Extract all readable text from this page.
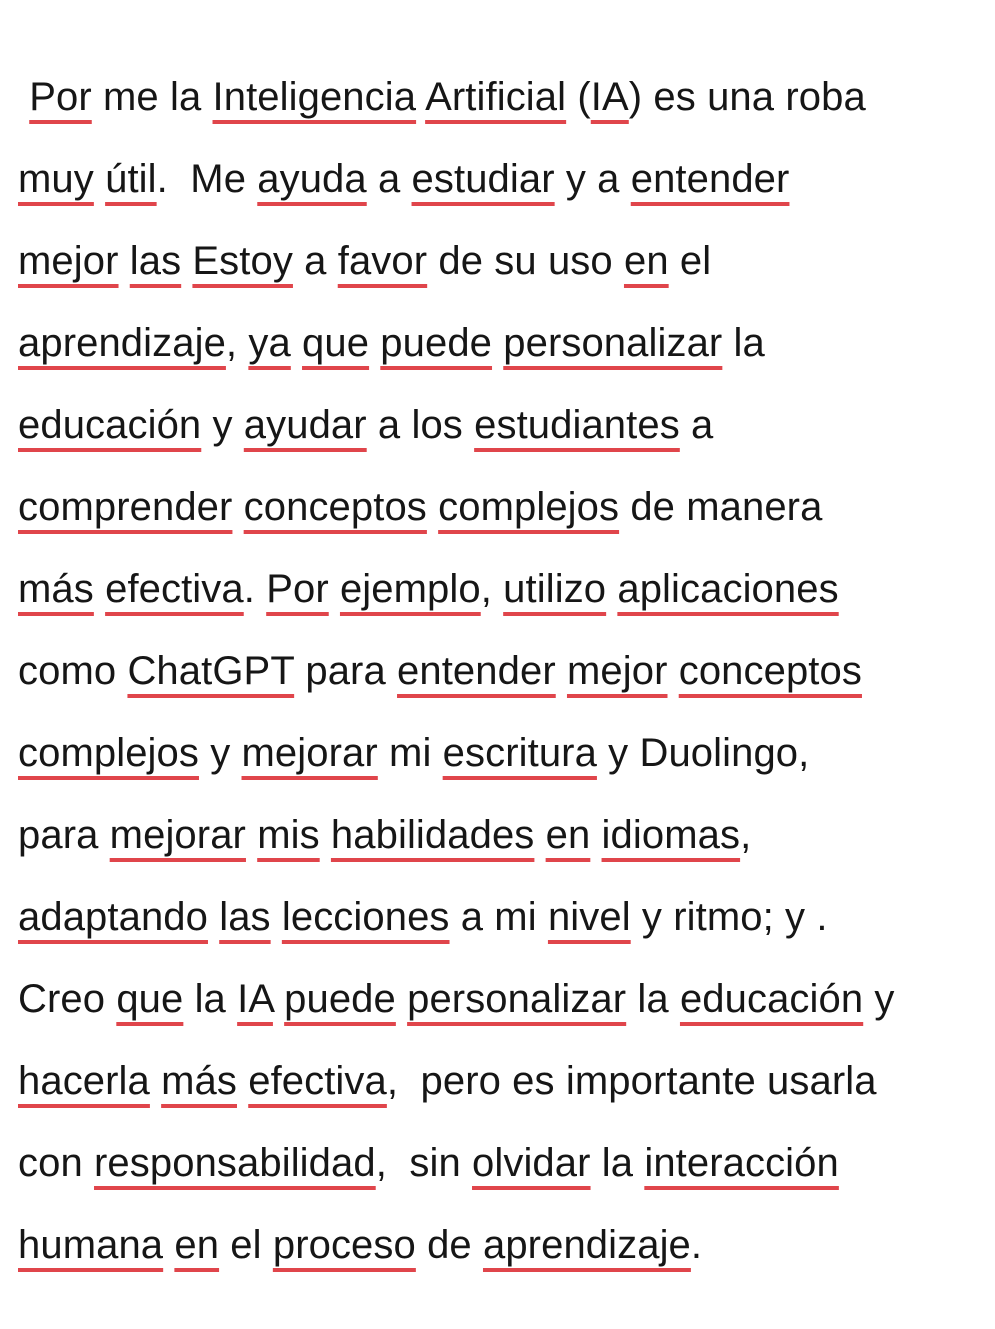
Por me la Inteligencia Artificial (IA) es una roba
muy útil.  Me ayuda a estudiar y a entender
mejor las Estoy a favor de su uso en el
aprendizaje, ya que puede personalizar la
educación y ayudar a los estudiantes a
comprender conceptos complejos de manera
más efectiva. Por ejemplo, utilizo aplicaciones
como ChatGPT para entender mejor conceptos
complejos y mejorar mi escritura y Duolingo,
para mejorar mis habilidades en idiomas,
adaptando las lecciones a mi nivel y ritmo; y .
Creo que la IA puede personalizar la educación y
hacerla más efectiva,  pero es importante usarla
con responsabilidad,  sin olvidar la interacción
humana en el proceso de aprendizaje.
